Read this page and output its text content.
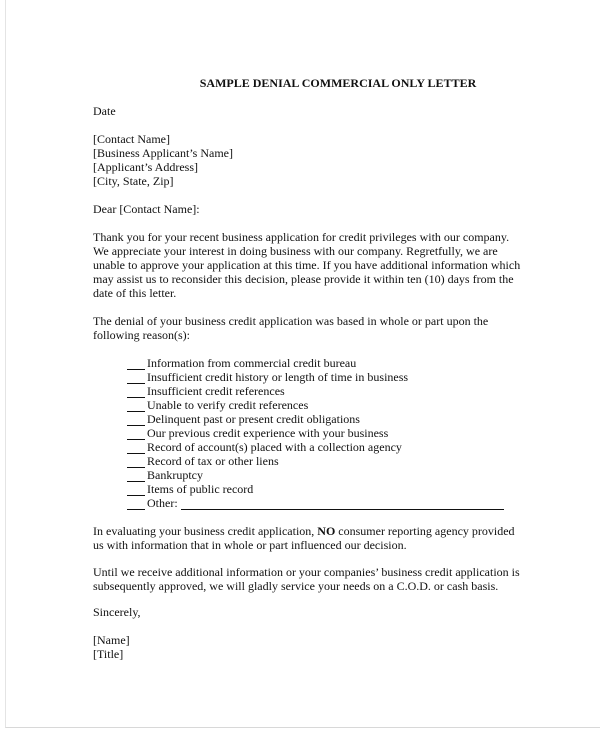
SAMPLE DENIAL COMMERCIAL ONLY LETTER
Date
[Contact Name]
[Business Applicant’s Name]
[Applicant’s Address]
[City, State, Zip]
Dear [Contact Name]:
Thank you for your recent business application for credit privileges with our company.
We appreciate your interest in doing business with our company. Regretfully, we are
unable to approve your application at this time. If you have additional information which
may assist us to reconsider this decision, please provide it within ten (10) days from the
date of this letter.
The denial of your business credit application was based in whole or part upon the
following reason(s):
Information from commercial credit bureau
Insufficient credit history or length of time in business
Insufficient credit references
Unable to verify credit references
Delinquent past or present credit obligations
Our previous credit experience with your business
Record of account(s) placed with a collection agency
Record of tax or other liens
Bankruptcy
Items of public record
Other:
In evaluating your business credit application, NO consumer reporting agency provided
us with information that in whole or part influenced our decision.
Until we receive additional information or your companies’ business credit application is
subsequently approved, we will gladly service your needs on a C.O.D. or cash basis.
Sincerely,
[Name]
[Title]
